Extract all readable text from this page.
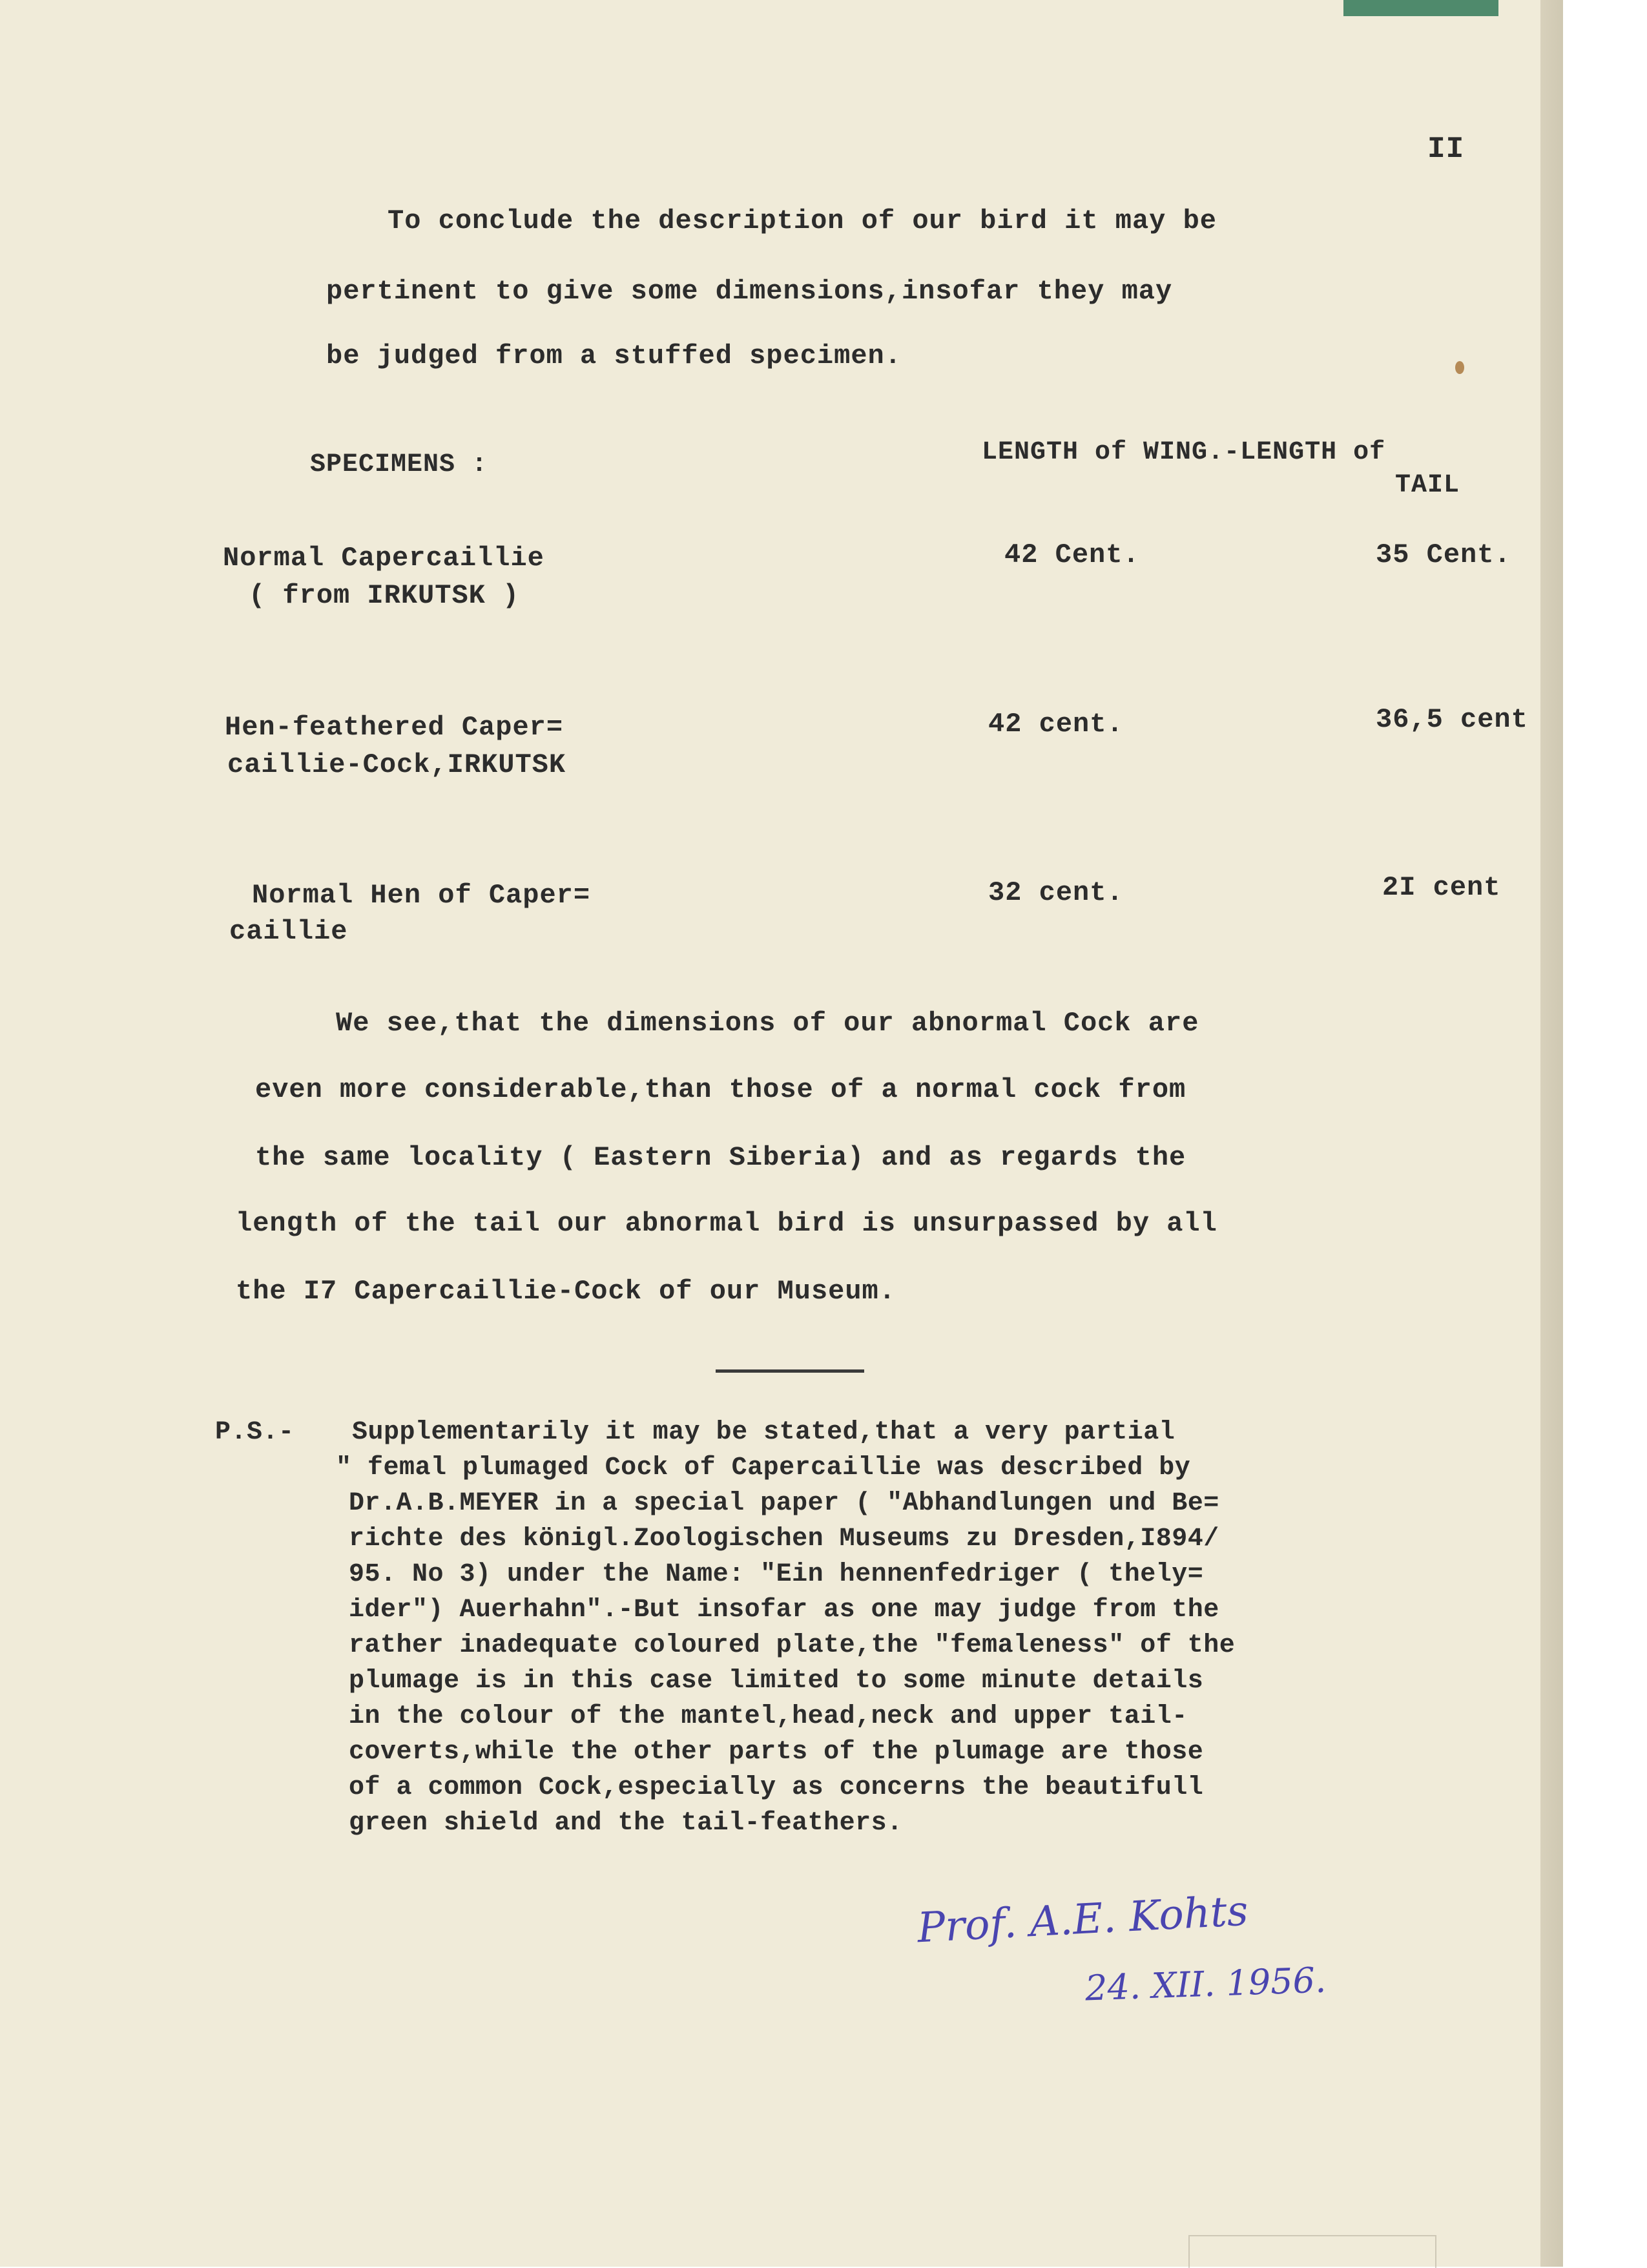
II
To conclude the description of our bird it may be
pertinent to give some dimensions,insofar they may
be judged from a stuffed specimen.
SPECIMENS :	LENGTH of WING.-LENGTH of
TAIL
Normal Capercaillie
( from IRKUTSK )
42 Cent.	35 Cent.
Hen-feathered Caper=
caillie-Cock,IRKUTSK
42 cent.	36,5 cent
Normal Hen of Caper=
caillie
32 cent.	2I cent
We see,that the dimensions of our abnormal Cock are
even more considerable,than those of a normal cock from
the same locality ( Eastern Siberia) and as regards the
length of the tail our abnormal bird is unsurpassed by all
the I7 Capercaillie-Cock of our Museum.
P.S.- Supplementarily it may be stated,that a very partial
" femal plumaged Cock of Capercaillie was described by
Dr.A.B.MEYER in a special paper ( "Abhandlungen und Be=
richte des königl.Zoologischen Museums zu Dresden,I894/
95. No 3) under the Name: "Ein hennenfedriger ( thely=
ider") Auerhahn".-But insofar as one may judge from the
rather inadequate coloured plate,the "femaleness" of the
plumage is in this case limited to some minute details
in the colour of the mantel,head,neck and upper tail-
coverts,while the other parts of the plumage are those
of a common Cock,especially as concerns the beautifull
green shield and the tail-feathers.
Prof. A.E. Kohts
24. XII. 1956.
